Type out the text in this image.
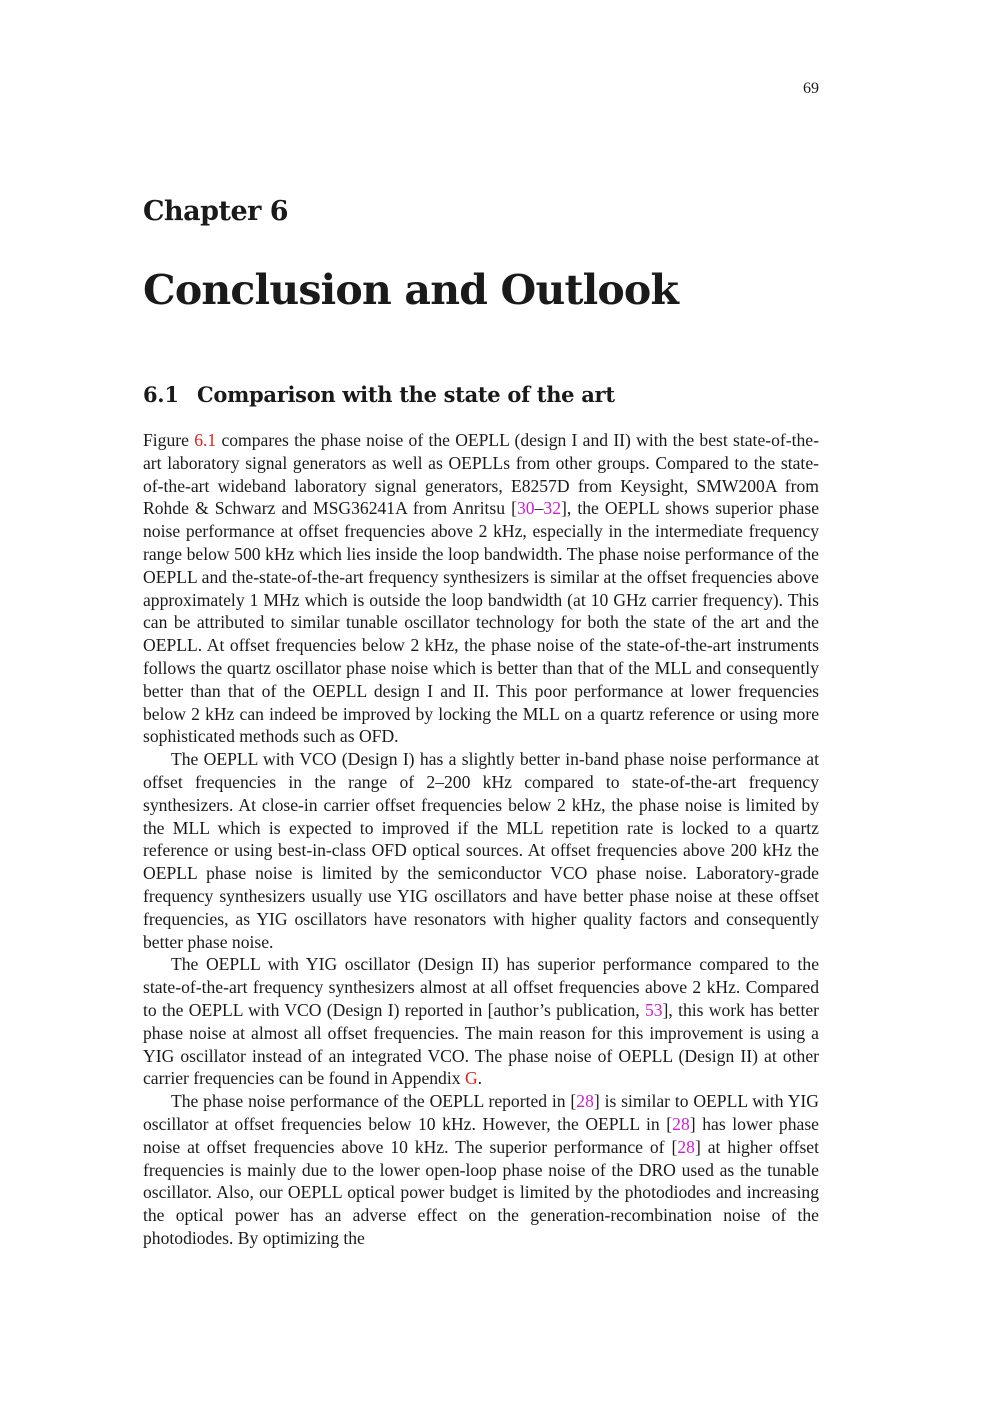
69
Chapter 6
Conclusion and Outlook
6.1 Comparison with the state of the art

Figure 6.1 compares the phase noise of the OEPLL (design I and II) with the best state-of-the-art laboratory signal generators as well as OEPLLs from other groups. Compared to the state-of-the-art wideband laboratory signal generators, E8257D from Keysight, SMW200A from Rohde & Schwarz and MSG36241A from Anritsu [30–32], the OEPLL shows superior phase noise performance at offset frequencies above 2 kHz, especially in the intermediate frequency range below 500 kHz which lies inside the loop bandwidth. The phase noise performance of the OEPLL and the-state-of-the-art frequency synthesizers is similar at the offset frequencies above approximately 1 MHz which is outside the loop bandwidth (at 10 GHz carrier frequency). This can be attributed to similar tunable oscillator technology for both the state of the art and the OEPLL. At offset frequencies below 2 kHz, the phase noise of the state-of-the-art instruments follows the quartz oscillator phase noise which is better than that of the MLL and consequently better than that of the OEPLL design I and II. This poor performance at lower frequencies below 2 kHz can indeed be improved by locking the MLL on a quartz reference or using more sophisticated methods such as OFD.

The OEPLL with VCO (Design I) has a slightly better in-band phase noise performance at offset frequencies in the range of 2–200 kHz compared to state-of-the-art frequency synthesizers. At close-in carrier offset frequencies below 2 kHz, the phase noise is limited by the MLL which is expected to improved if the MLL repetition rate is locked to a quartz reference or using best-in-class OFD optical sources. At offset frequencies above 200 kHz the OEPLL phase noise is limited by the semiconductor VCO phase noise. Laboratory-grade frequency synthesizers usually use YIG oscillators and have better phase noise at these offset frequencies, as YIG oscillators have resonators with higher quality factors and consequently better phase noise.

The OEPLL with YIG oscillator (Design II) has superior performance compared to the state-of-the-art frequency synthesizers almost at all offset frequencies above 2 kHz. Compared to the OEPLL with VCO (Design I) reported in [author’s publication, 53], this work has better phase noise at almost all offset frequencies. The main reason for this improvement is using a YIG oscillator instead of an integrated VCO. The phase noise of OEPLL (Design II) at other carrier frequencies can be found in Appendix G.

The phase noise performance of the OEPLL reported in [28] is similar to OEPLL with YIG oscillator at offset frequencies below 10 kHz. However, the OEPLL in [28] has lower phase noise at offset frequencies above 10 kHz. The superior performance of [28] at higher offset frequencies is mainly due to the lower open-loop phase noise of the DRO used as the tunable oscillator. Also, our OEPLL optical power budget is limited by the photodiodes and increasing the optical power has an adverse effect on the generation-recombination noise of the photodiodes. By optimizing the
